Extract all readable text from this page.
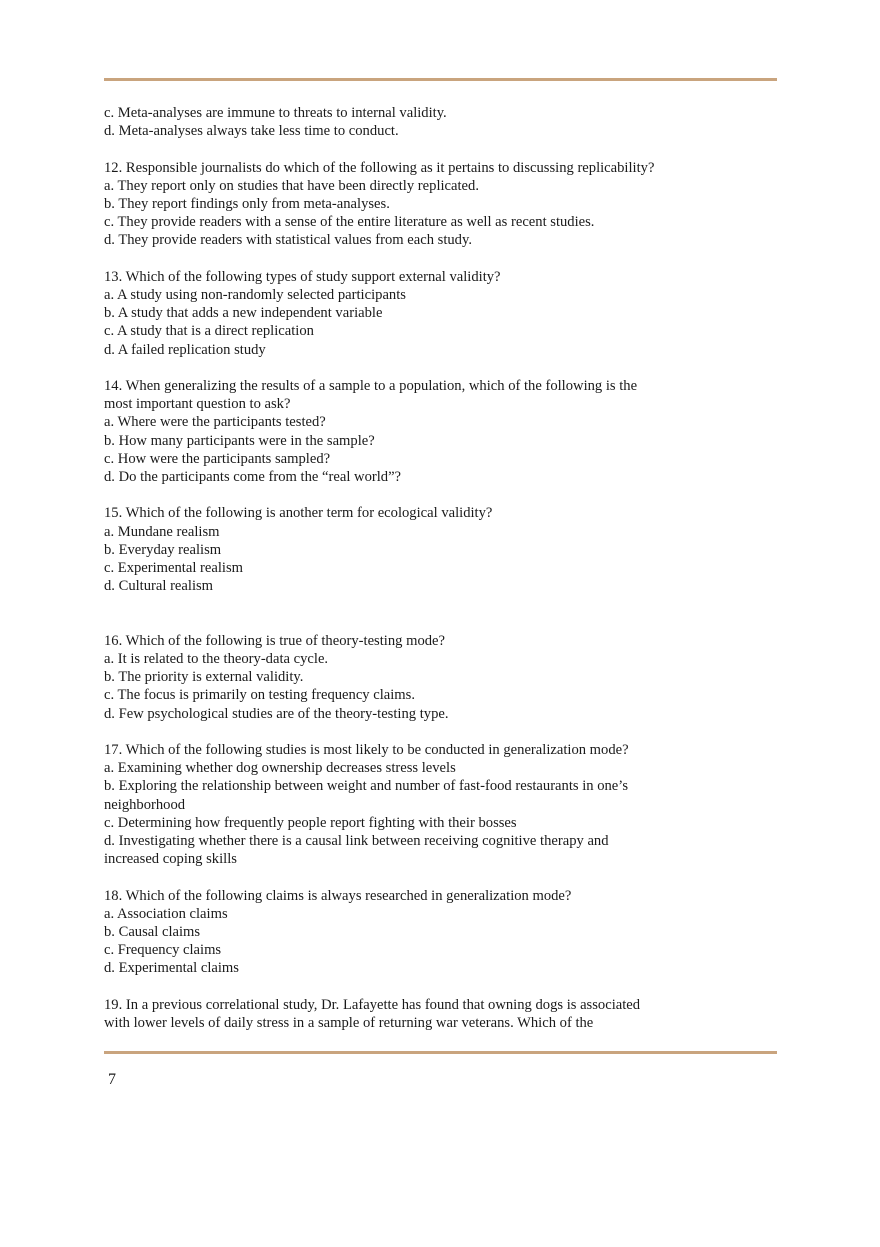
c. Meta-analyses are immune to threats to internal validity.
d. Meta-analyses always take less time to conduct.
12. Responsible journalists do which of the following as it pertains to discussing replicability?
a. They report only on studies that have been directly replicated.
b. They report findings only from meta-analyses.
c. They provide readers with a sense of the entire literature as well as recent studies.
d. They provide readers with statistical values from each study.
13. Which of the following types of study support external validity?
a. A study using non-randomly selected participants
b. A study that adds a new independent variable
c. A study that is a direct replication
d. A failed replication study
14. When generalizing the results of a sample to a population, which of the following is the
most important question to ask?
a. Where were the participants tested?
b. How many participants were in the sample?
c. How were the participants sampled?
d. Do the participants come from the “real world”?
15. Which of the following is another term for ecological validity?
a. Mundane realism
b. Everyday realism
c. Experimental realism
d. Cultural realism
16. Which of the following is true of theory-testing mode?
a. It is related to the theory-data cycle.
b. The priority is external validity.
c. The focus is primarily on testing frequency claims.
d. Few psychological studies are of the theory-testing type.
17. Which of the following studies is most likely to be conducted in generalization mode?
a. Examining whether dog ownership decreases stress levels
b. Exploring the relationship between weight and number of fast-food restaurants in one’s
neighborhood
c. Determining how frequently people report fighting with their bosses
d. Investigating whether there is a causal link between receiving cognitive therapy and
increased coping skills
18. Which of the following claims is always researched in generalization mode?
a. Association claims
b. Causal claims
c. Frequency claims
d. Experimental claims
19. In a previous correlational study, Dr. Lafayette has found that owning dogs is associated
with lower levels of daily stress in a sample of returning war veterans. Which of the
7
